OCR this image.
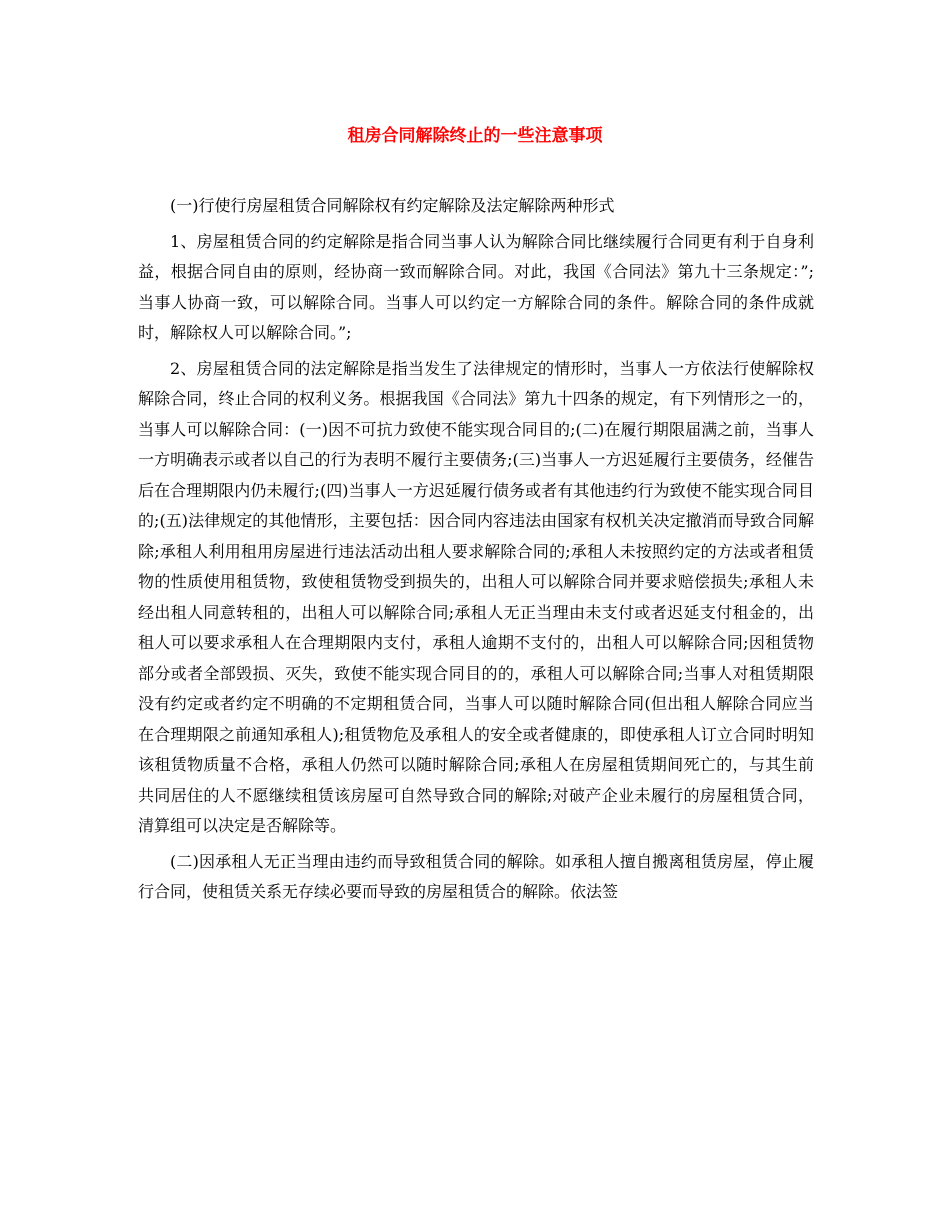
租房合同解除终止的一些注意事项

(一)行使行房屋租赁合同解除权有约定解除及法定解除两种形式

1、房屋租赁合同的约定解除是指合同当事人认为解除合同比继续履行合同更有利于自身利益，根据合同自由的原则，经协商一致而解除合同。对此，我国《合同法》第九十三条规定：”;当事人协商一致，可以解除合同。当事人可以约定一方解除合同的条件。解除合同的条件成就时，解除权人可以解除合同。”;

2、房屋租赁合同的法定解除是指当发生了法律规定的情形时，当事人一方依法行使解除权解除合同，终止合同的权利义务。根据我国《合同法》第九十四条的规定，有下列情形之一的，当事人可以解除合同：(一)因不可抗力致使不能实现合同目的;(二)在履行期限届满之前，当事人一方明确表示或者以自己的行为表明不履行主要债务;(三)当事人一方迟延履行主要债务，经催告后在合理期限内仍未履行;(四)当事人一方迟延履行债务或者有其他违约行为致使不能实现合同目的;(五)法律规定的其他情形，主要包括：因合同内容违法由国家有权机关决定撤消而导致合同解除;承租人利用租用房屋进行违法活动出租人要求解除合同的;承租人未按照约定的方法或者租赁物的性质使用租赁物，致使租赁物受到损失的，出租人可以解除合同并要求赔偿损失;承租人未经出租人同意转租的，出租人可以解除合同;承租人无正当理由未支付或者迟延支付租金的，出租人可以要求承租人在合理期限内支付，承租人逾期不支付的，出租人可以解除合同;因租赁物部分或者全部毁损、灭失，致使不能实现合同目的的，承租人可以解除合同;当事人对租赁期限没有约定或者约定不明确的不定期租赁合同，当事人可以随时解除合同(但出租人解除合同应当在合理期限之前通知承租人);租赁物危及承租人的安全或者健康的，即使承租人订立合同时明知该租赁物质量不合格，承租人仍然可以随时解除合同;承租人在房屋租赁期间死亡的，与其生前共同居住的人不愿继续租赁该房屋可自然导致合同的解除;对破产企业未履行的房屋租赁合同，清算组可以决定是否解除等。

(二)因承租人无正当理由违约而导致租赁合同的解除。如承租人擅自搬离租赁房屋，停止履行合同，使租赁关系无存续必要而导致的房屋租赁合的解除。依法签
